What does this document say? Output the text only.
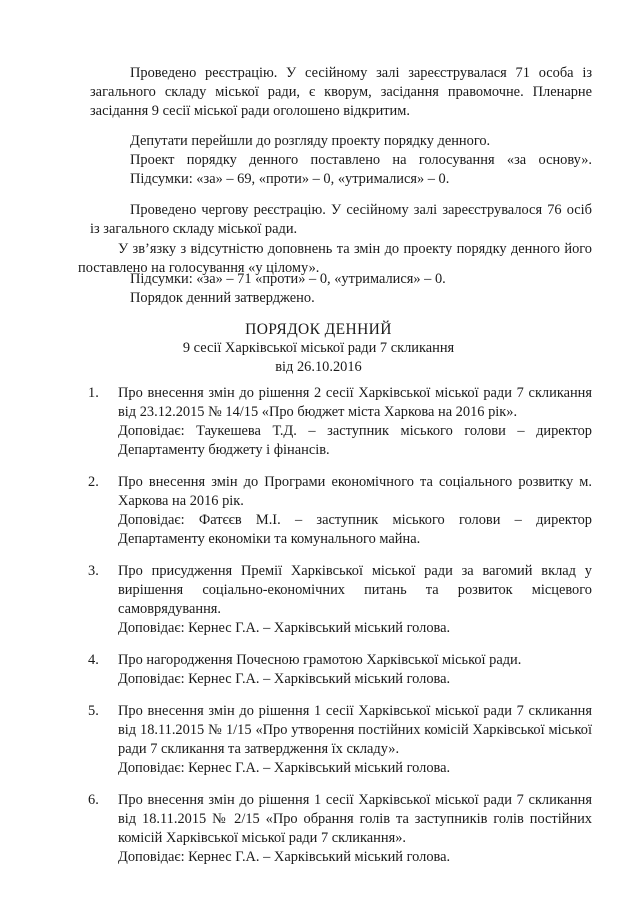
Проведено реєстрацію. У сесійному залі зареєструвалася 71 особа із загального складу міської ради, є кворум, засідання правомочне. Пленарне засідання 9 сесії міської ради оголошено відкритим.

Депутати перейшли до розгляду проекту порядку денного.
Проект порядку денного поставлено на голосування «за основу».
Підсумки: «за» – 69, «проти» – 0, «утрималися» – 0.

Проведено чергову реєстрацію. У сесійному залі зареєструвалося 76 осіб із загального складу міської ради.

У зв’язку з відсутністю доповнень та змін до проекту порядку денного його поставлено на голосування «у цілому».

Підсумки: «за» – 71 «проти» – 0, «утрималися» – 0.
Порядок денний затверджено.
ПОРЯДОК ДЕННИЙ
9 сесії Харківської міської ради 7 скликання
від 26.10.2016
1.	Про внесення змін до рішення 2 сесії Харківської міської ради 7 скликання від 23.12.2015 № 14/15 «Про бюджет міста Харкова на 2016 рік».
Доповідає: Таукешева Т.Д. – заступник міського голови – директор Департаменту бюджету і фінансів.
2.	Про внесення змін до Програми економічного та соціального розвитку м. Харкова на 2016 рік.
Доповідає: Фатєєв М.І. – заступник міського голови – директор Департаменту економіки та комунального майна.
3.	Про присудження Премії Харківської міської ради за вагомий вклад у вирішення соціально-економічних питань та розвиток місцевого самоврядування.
Доповідає: Кернес Г.А. – Харківський міський голова.
4.	Про нагородження Почесною грамотою Харківської міської ради.
Доповідає: Кернес Г.А. – Харківський міський голова.
5.	Про внесення змін до рішення 1 сесії Харківської міської ради 7 скликання від 18.11.2015 № 1/15 «Про утворення постійних комісій Харківської міської ради 7 скликання та затвердження їх складу».
Доповідає: Кернес Г.А. – Харківський міський голова.
6.	Про внесення змін до рішення 1 сесії Харківської міської ради 7 скликання від 18.11.2015 № 2/15 «Про обрання голів та заступників голів постійних комісій Харківської міської ради 7 скликання».
Доповідає: Кернес Г.А. – Харківський міський голова.
